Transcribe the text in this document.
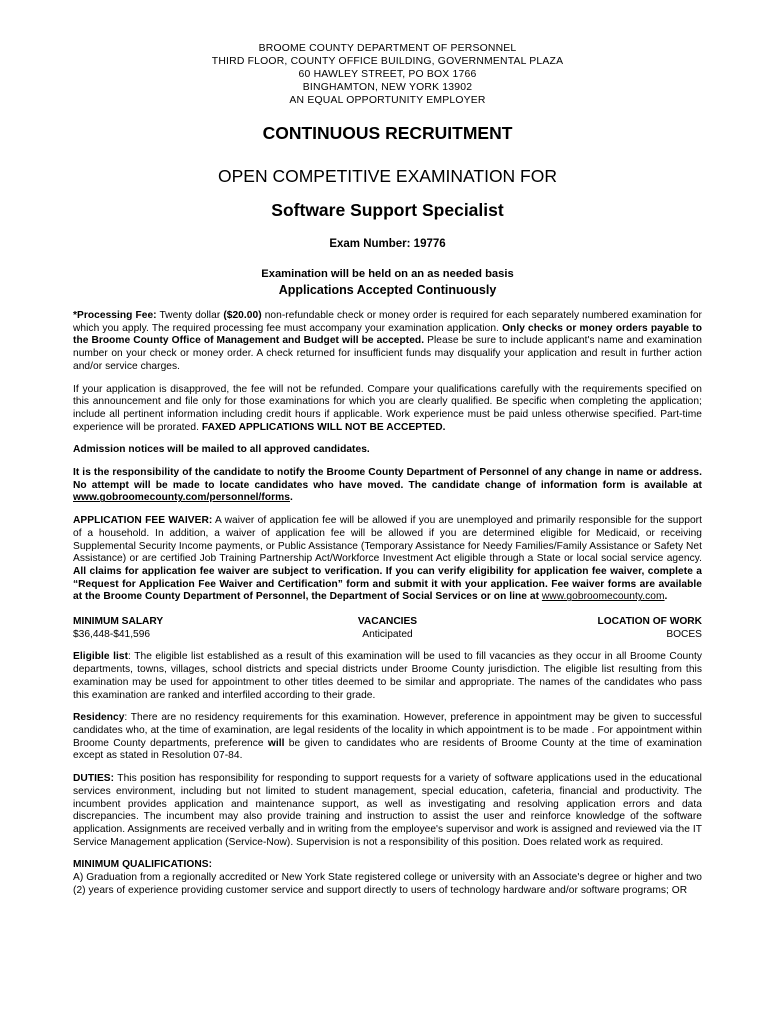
BROOME COUNTY DEPARTMENT OF PERSONNEL
THIRD FLOOR, COUNTY OFFICE BUILDING, GOVERNMENTAL PLAZA
60 HAWLEY STREET, PO BOX 1766
BINGHAMTON, NEW YORK 13902
AN EQUAL OPPORTUNITY EMPLOYER
CONTINUOUS RECRUITMENT
OPEN COMPETITIVE EXAMINATION FOR
Software Support Specialist
Exam Number: 19776
Examination will be held on an as needed basis
Applications Accepted Continuously

*Processing Fee: Twenty dollar ($20.00) non-refundable check or money order is required for each separately numbered examination for which you apply. The required processing fee must accompany your examination application. Only checks or money orders payable to the Broome County Office of Management and Budget will be accepted. Please be sure to include applicant's name and examination number on your check or money order. A check returned for insufficient funds may disqualify your application and result in further action and/or service charges.

If your application is disapproved, the fee will not be refunded. Compare your qualifications carefully with the requirements specified on this announcement and file only for those examinations for which you are clearly qualified. Be specific when completing the application; include all pertinent information including credit hours if applicable. Work experience must be paid unless otherwise specified. Part-time experience will be prorated. FAXED APPLICATIONS WILL NOT BE ACCEPTED.

Admission notices will be mailed to all approved candidates.

It is the responsibility of the candidate to notify the Broome County Department of Personnel of any change in name or address. No attempt will be made to locate candidates who have moved. The candidate change of information form is available at www.gobroomecounty.com/personnel/forms.

APPLICATION FEE WAIVER: A waiver of application fee will be allowed if you are unemployed and primarily responsible for the support of a household. In addition, a waiver of application fee will be allowed if you are determined eligible for Medicaid, or receiving Supplemental Security Income payments, or Public Assistance (Temporary Assistance for Needy Families/Family Assistance or Safety Net Assistance) or are certified Job Training Partnership Act/Workforce Investment Act eligible through a State or local social service agency. All claims for application fee waiver are subject to verification. If you can verify eligibility for application fee waiver, complete a “Request for Application Fee Waiver and Certification” form and submit it with your application. Fee waiver forms are available at the Broome County Department of Personnel, the Department of Social Services or on line at www.gobroomecounty.com.

MINIMUM SALARY
$36,448-$41,596
VACANCIES
Anticipated
LOCATION OF WORK
BOCES

Eligible list: The eligible list established as a result of this examination will be used to fill vacancies as they occur in all Broome County departments, towns, villages, school districts and special districts under Broome County jurisdiction. The eligible list resulting from this examination may be used for appointment to other titles deemed to be similar and appropriate. The names of the candidates who pass this examination are ranked and interfiled according to their grade.

Residency: There are no residency requirements for this examination. However, preference in appointment may be given to successful candidates who, at the time of examination, are legal residents of the locality in which appointment is to be made . For appointment within Broome County departments, preference will be given to candidates who are residents of Broome County at the time of examination except as stated in Resolution 07-84.

DUTIES: This position has responsibility for responding to support requests for a variety of software applications used in the educational services environment, including but not limited to student management, special education, cafeteria, financial and productivity. The incumbent provides application and maintenance support, as well as investigating and resolving application errors and data discrepancies. The incumbent may also provide training and instruction to assist the user and reinforce knowledge of the software application. Assignments are received verbally and in writing from the employee's supervisor and work is assigned and reviewed via the IT Service Management application (Service-Now). Supervision is not a responsibility of this position. Does related work as required.

MINIMUM QUALIFICATIONS:
A) Graduation from a regionally accredited or New York State registered college or university with an Associate's degree or higher and two (2) years of experience providing customer service and support directly to users of technology hardware and/or software programs; OR
